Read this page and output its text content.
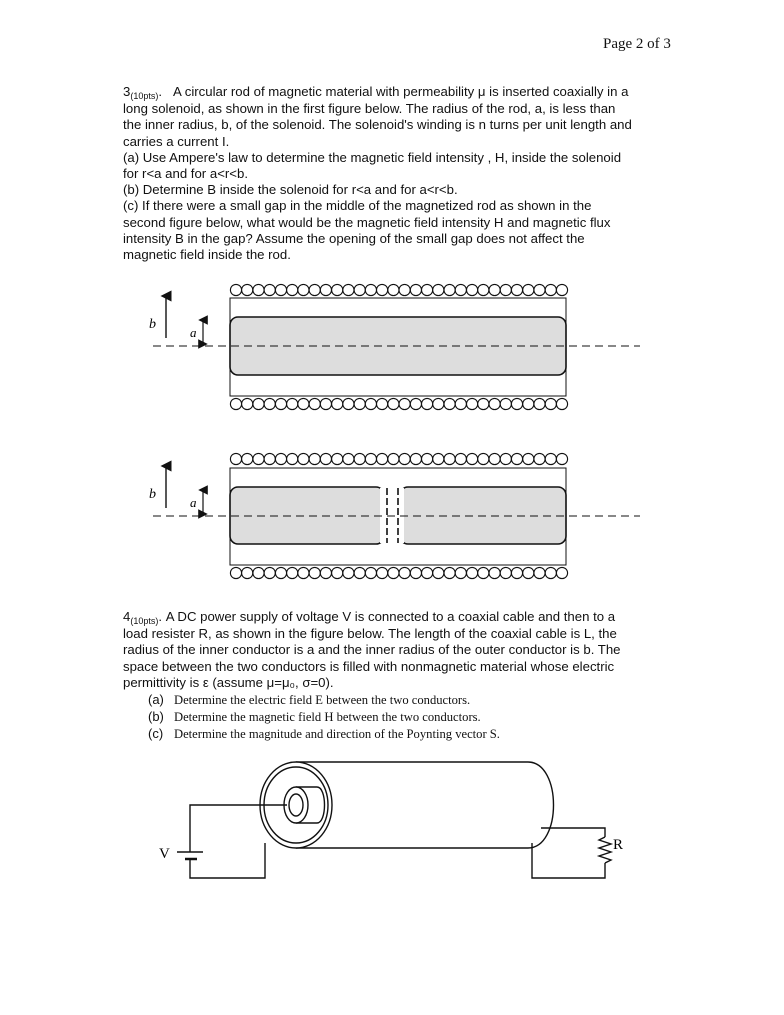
Page 2 of 3
$3_{(10pts)}$.   A circular rod of magnetic material with permeability μ is inserted coaxially in a
long solenoid, as shown in the first figure below. The radius of the rod, a, is less than
the inner radius, b, of the solenoid. The solenoid's winding is n turns per unit length and
carries a current I.
(a) Use Ampere's law to determine the magnetic field intensity , H, inside the solenoid
for r<a and for a<r<b.
(b) Determine B inside the solenoid for r<a and for a<r<b.
(c) If there were a small gap in the middle of the magnetized rod as shown in the
second figure below, what would be the magnetic field intensity H and magnetic flux
intensity B in the gap? Assume the opening of the small gap does not affect the
magnetic field inside the rod.
b
a
b
a
V
R
$4_{(10pts)}$. A DC power supply of voltage V is connected to a coaxial cable and then to a
load resister R, as shown in the figure below. The length of the coaxial cable is L, the
radius of the inner conductor is a and the inner radius of the outer conductor is b. The
space between the two conductors is filled with nonmagnetic material whose electric
permittivity is ε (assume μ=μ₀, σ=0).
(a) Determine the electric field E between the two conductors.
(b) Determine the magnetic field H between the two conductors.
(c) Determine the magnitude and direction of the Poynting vector S.
